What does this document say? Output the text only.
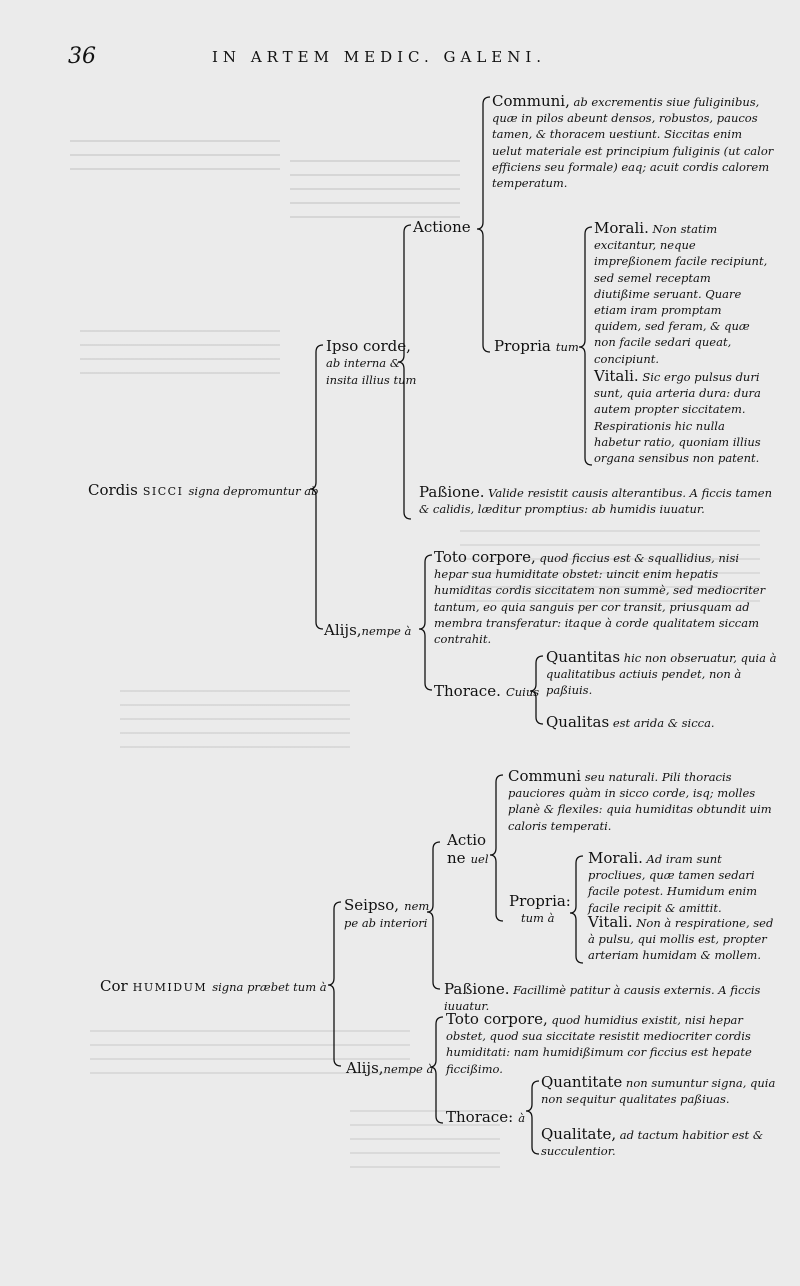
36	IN ARTEM MEDIC. GALENI.
Cordis SICCI signa depromuntur ab
Ipso corde,
ab interna &
insita illius tum
Actione
Communi, ab excrementis siue fuliginibus, quæ in pilos abeunt densos, robustos, paucos tamen, & thoracem uestiunt. Siccitas enim uelut materiale est principium fuliginis (ut calor efficiens seu formale) eaq; acuit cordis calorem temperatum.
Propria tum
Morali. Non statim excitantur, neque impreßionem facile recipiunt, sed semel receptam diutißime seruant. Quare etiam iram promptam quidem, sed feram, & quæ non facile sedari queat, concipiunt.
Vitali. Sic ergo pulsus duri sunt, quia arteria dura: dura autem propter siccitatem. Respirationis hic nulla habetur ratio, quoniam illius organa sensibus non patent.
Paßione. Valide resistit causis alterantibus. A ficcis tamen & calidis, læditur promptius: ab humidis iuuatur.
Alijs,nempe à
Toto corpore, quod ficcius est & squallidius, nisi hepar sua humiditate obstet: uincit enim hepatis humiditas cordis siccitatem non summè, sed mediocriter tantum, eo quia sanguis per cor transit, priusquam ad membra transferatur: itaque à corde qualitatem siccam contrahit.
Thorace. Cuius
Quantitas hic non obseruatur, quia à qualitatibus actiuis pendet, non à paßiuis.
Qualitas est arida & sicca.
Cor HUMIDUM signa præbet tum à
Seipso, nem
pe ab interiori
Actio
ne uel
Communi seu naturali. Pili thoracis pauciores quàm in sicco corde, isq; molles planè & flexiles: quia humiditas obtundit uim caloris temperati.
Propria:
tum à
Morali. Ad iram sunt procliues, quæ tamen sedari facile potest. Humidum enim facile recipit & amittit.
Vitali. Non à respiratione, sed à pulsu, qui mollis est, propter arteriam humidam & mollem.
Paßione. Facillimè patitur à causis externis. A ficcis iuuatur.
Alijs,nempe à
Toto corpore, quod humidius existit, nisi hepar obstet, quod sua siccitate resistit mediocriter cordis humiditati: nam humidißimum cor ficcius est hepate ficcißimo.
Thorace: à
Quantitate non sumuntur signa, quia non sequitur qualitates paßiuas.
Qualitate, ad tactum habitior est & succulentior.
